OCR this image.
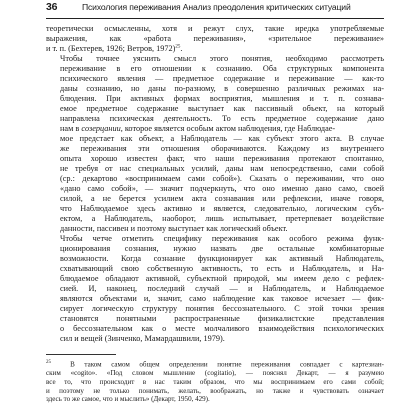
36	Психология переживания Анализ преодоления критических ситуаций

теоретически осмысленны, хотя и режут слух, такие иредка употребляемые
выражения, как «работа переживания», «зрительное переживание»
и т. п. (Бехтерев, 1926; Ветров, 1972)$^{25}$.

Чтобы точнее уяснить смысл этого понятия, необходимо рассмотреть
переживание в его отношении к сознанию. Оба структурных компонента
психического явления — предметное содержание и переживание — как-то
даны сознанию, но даны по-разному, в совершенно различных режимах на-
блюдения. При активных формах восприятия, мышления и т. п. сознава-
емое предметное содержание выступает как пассивный объект, на который
направлена психическая деятельность. То есть предметное содержание дано
нам в cозерцании, которое является особым актом наблюдения, где Наблюдае-
мое предстает как объект, а Наблюдатель — как субъект этого акта. В случае
же переживания эти отношения оборачиваются. Каждому из внутреннего
опыта хорошо известен факт, что наши переживания протекают спонтанно,
не требуя от нас специальных усилий, даны нам непосредственно, сами собой
(ср.: декартово «воспринимаем сами собой»). Сказать о переживании, что оно
«дано само собой», — значит подчеркнуть, что оно именно дано само, своей
силой, а не берется усилием акта сознавания или рефлексии, иначе говоря,
что Наблюдаемое здесь активно и является, следовательно, логическим субъ-
ектом, а Наблюдатель, наоборот, лишь испытывает, претерпевает воздействие
данности, пассивен и поэтому выступает как логический объект.

Чтобы четче отметить специфику переживания как особого режима функ-
ционирования сознания, нужно назвать две остальные комбинаторные
возможности. Когда сознание функционирует как активный Наблюдатель,
схватывающий свою собственную активность, то есть и Наблюдатель, и На-
блюдаемое обладают активной, субъектной природой, мы имеем дело с рефлек-
сией. И, наконец, последний случай — и Наблюдатель, и Наблюдаемое
являются объектами и, значит, само наблюдение как таковое исчезает — фик-
сирует логическую структуру понятия бессознательного. С этой точки зрения
становятся понятными распространенные физикалистские представления
о бессознательном как о месте молчаливого взаимодействия психологических
сил и вещей (Зинченко, Мамардашвили, 1979).

$^{25}$	В таком самом общем определении понятие переживания совпадает с картезиан-
ским «cogito». «Под словом мышление (cogitatio), — пояснял Декарт, — я разумею
все то, что происходит в нас таким образом, что мы воспринимаем его сами собой;
и поэтому не только понимать, желать, воображать, но также и чувствовать означает
здесь то же самое, что и мыслить» (Декарт, 1950, 429).
